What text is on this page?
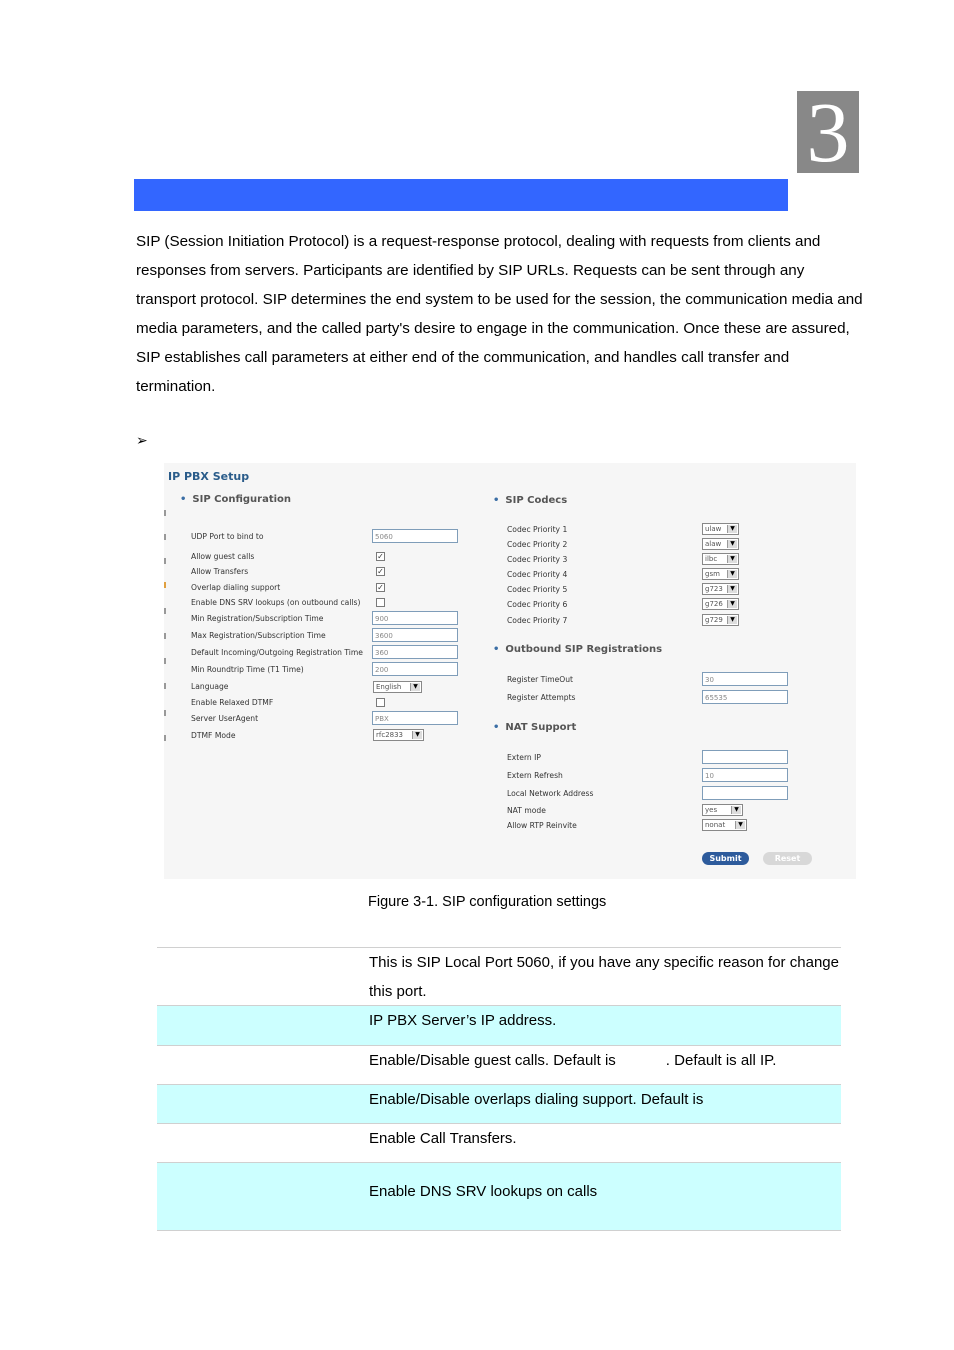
3

SIP (Session Initiation Protocol) is a request-response protocol, dealing with requests from clients and responses from servers. Participants are identified by SIP URLs. Requests can be sent through any transport protocol. SIP determines the end system to be used for the session, the communication media and media parameters, and the called party's desire to engage in the communication. Once these are assured, SIP establishes call parameters at either end of the communication, and handles call transfer and termination.

➢
IP PBX Setup
• SIP Configuration
UDP Port to bind to	5060
Allow guest calls	✓
Allow Transfers	✓
Overlap dialing support	✓
Enable DNS SRV lookups (on outbound calls)
Min Registration/Subscription Time	900
Max Registration/Subscription Time	3600
Default Incoming/Outgoing Registration Time	360
Min Roundtrip Time (T1 Time)	200
Language	English	▼
Enable Relaxed DTMF
Server UserAgent	PBX
DTMF Mode	rfc2833	▼
• SIP Codecs
Codec Priority 1	ulaw	▼
Codec Priority 2	alaw	▼
Codec Priority 3	ilbc	▼
Codec Priority 4	gsm	▼
Codec Priority 5	g723	▼
Codec Priority 6	g726	▼
Codec Priority 7	g729	▼
• Outbound SIP Registrations
Register TimeOut	30
Register Attempts	65535
• NAT Support
Extern IP
Extern Refresh	10
Local Network Address
NAT mode	yes	▼
Allow RTP Reinvite	nonat	▼
Submit	Reset
Figure 3-1. SIP configuration settings
This is SIP Local Port 5060, if you have any specific reason for change this port.
IP PBX Server’s IP address.
Enable/Disable guest calls. Default is            . Default is all IP.
Enable/Disable overlaps dialing support. Default is
Enable Call Transfers.
Enable DNS SRV lookups on calls
